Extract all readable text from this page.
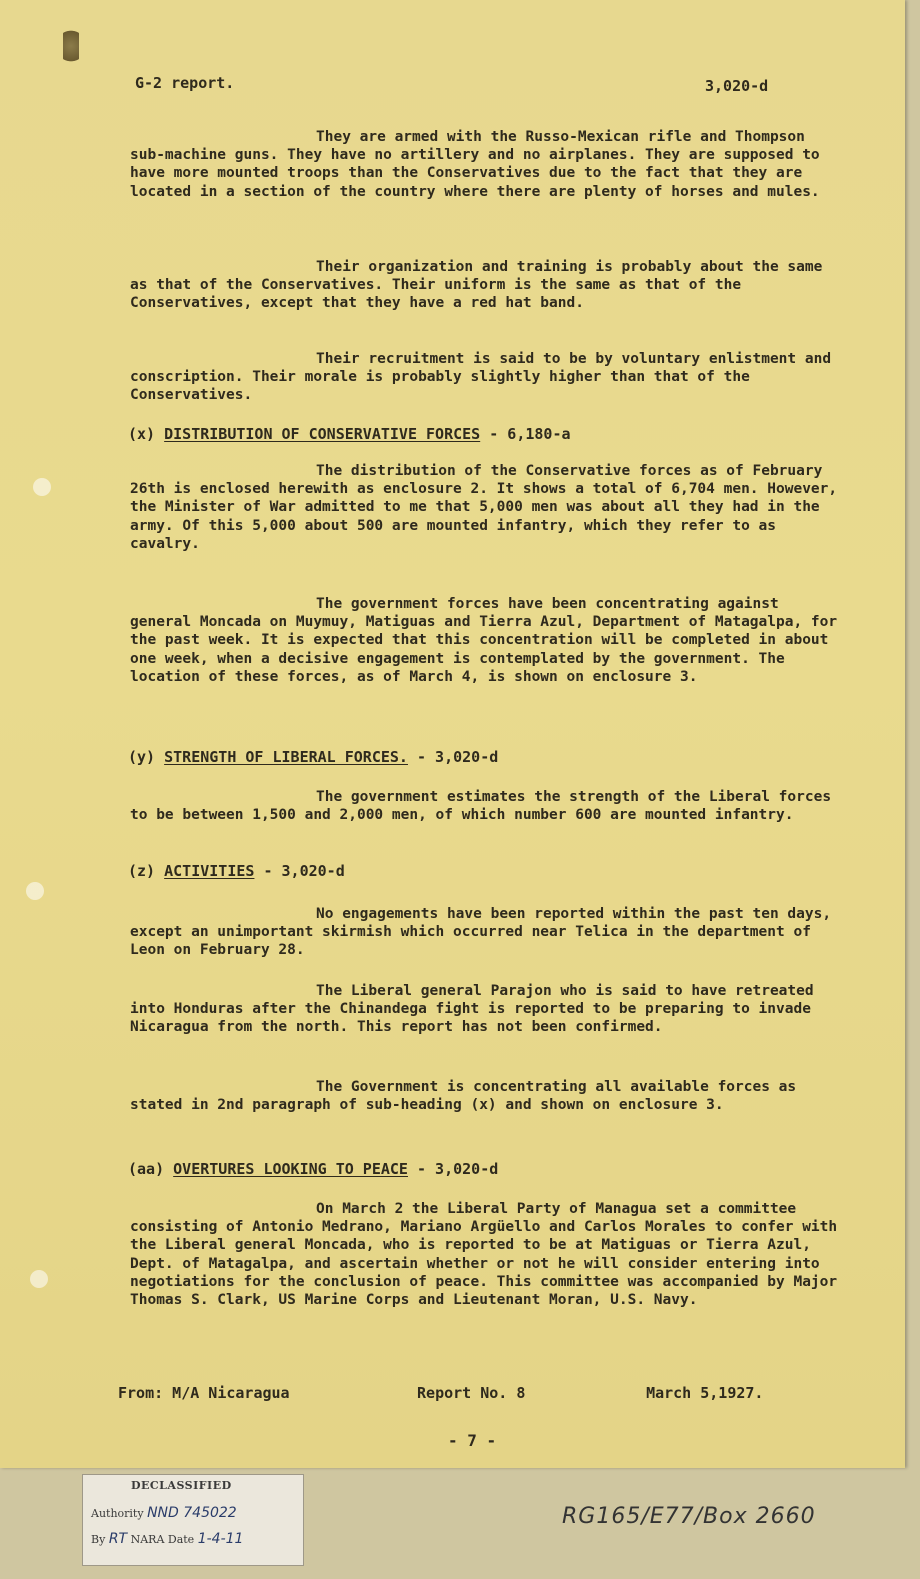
G-2 report.	3,020-d
They are armed with the Russo-Mexican rifle and Thompson sub-machine guns. They have no artillery and no airplanes. They are supposed to have more mounted troops than the Conservatives due to the fact that they are located in a section of the country where there are plenty of horses and mules.
Their organization and training is probably about the same as that of the Conservatives. Their uniform is the same as that of the Conservatives, except that they have a red hat band.
Their recruitment is said to be by voluntary enlistment and conscription. Their morale is probably slightly higher than that of the Conservatives.
(x) DISTRIBUTION OF CONSERVATIVE FORCES - 6,180-a
The distribution of the Conservative forces as of February 26th is enclosed herewith as enclosure 2. It shows a total of 6,704 men. However, the Minister of War admitted to me that 5,000 men was about all they had in the army. Of this 5,000 about 500 are mounted infantry, which they refer to as cavalry.
The government forces have been concentrating against general Moncada on Muymuy, Matiguas and Tierra Azul, Department of Matagalpa, for the past week. It is expected that this concentration will be completed in about one week, when a decisive engagement is contemplated by the government. The location of these forces, as of March 4, is shown on enclosure 3.
(y) STRENGTH OF LIBERAL FORCES. - 3,020-d
The government estimates the strength of the Liberal forces to be between 1,500 and 2,000 men, of which number 600 are mounted infantry.
(z) ACTIVITIES - 3,020-d
No engagements have been reported within the past ten days, except an unimportant skirmish which occurred near Telica in the department of Leon on February 28.
The Liberal general Parajon who is said to have retreated into Honduras after the Chinandega fight is reported to be preparing to invade Nicaragua from the north. This report has not been confirmed.
The Government is concentrating all available forces as stated in 2nd paragraph of sub-heading (x) and shown on enclosure 3.
(aa) OVERTURES LOOKING TO PEACE - 3,020-d
On March 2 the Liberal Party of Managua set a committee consisting of Antonio Medrano, Mariano Argüello and Carlos Morales to confer with the Liberal general Moncada, who is reported to be at Matiguas or Tierra Azul, Dept. of Matagalpa, and ascertain whether or not he will consider entering into negotiations for the conclusion of peace. This committee was accompanied by Major Thomas S. Clark, US Marine Corps and Lieutenant Moran, U.S. Navy.
From: M/A Nicaragua	Report No. 8	March 5,1927.
- 7 -
DECLASSIFIED
Authority NND 745022
By RT NARA Date 1-4-11
RG165/E77/Box 2660
